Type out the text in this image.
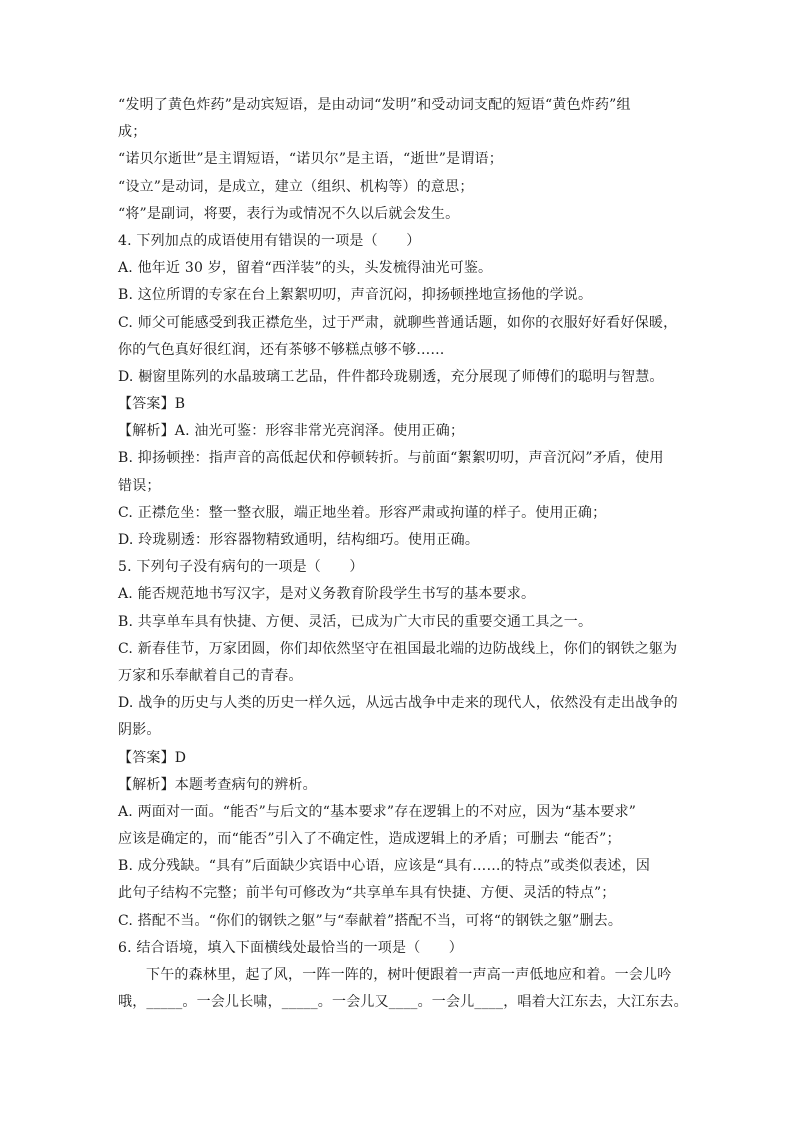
“发明了黄色炸药”是动宾短语，是由动词“发明”和受动词支配的短语“黄色炸药”组
成；
“诺贝尔逝世”是主谓短语，“诺贝尔”是主语，“逝世”是谓语；
“设立”是动词，是成立，建立（组织、机构等）的意思；
“将”是副词，将要，表行为或情况不久以后就会发生。
4. 下列加点的成语使用有错误的一项是（　　）
A. 他年近 30 岁，留着“西洋装”的头，头发梳得油光可鉴。
B. 这位所谓的专家在台上絮絮叨叨，声音沉闷，抑扬顿挫地宣扬他的学说。
C. 师父可能感受到我正襟危坐，过于严肃，就聊些普通话题，如你的衣服好好看好保暖，
你的气色真好很红润，还有茶够不够糕点够不够……
D. 橱窗里陈列的水晶玻璃工艺品，件件都玲珑剔透，充分展现了师傅们的聪明与智慧。
【答案】B
【解析】A. 油光可鉴：形容非常光亮润泽。使用正确；
B. 抑扬顿挫：指声音的高低起伏和停顿转折。与前面“絮絮叨叨，声音沉闷”矛盾，使用
错误；
C. 正襟危坐：整一整衣服，端正地坐着。形容严肃或拘谨的样子。使用正确；
D. 玲珑剔透：形容器物精致通明，结构细巧。使用正确。
5. 下列句子没有病句的一项是（　　）
A. 能否规范地书写汉字，是对义务教育阶段学生书写的基本要求。
B. 共享单车具有快捷、方便、灵活，已成为广大市民的重要交通工具之一。
C. 新春佳节，万家团圆，你们却依然坚守在祖国最北端的边防战线上，你们的钢铁之躯为
万家和乐奉献着自己的青春。
D. 战争的历史与人类的历史一样久远，从远古战争中走来的现代人，依然没有走出战争的
阴影。
【答案】D
【解析】本题考查病句的辨析。
A. 两面对一面。“能否”与后文的“基本要求”存在逻辑上的不对应，因为“基本要求”
应该是确定的，而“能否”引入了不确定性，造成逻辑上的矛盾；可删去 “能否”；
B. 成分残缺。“具有”后面缺少宾语中心语，应该是“具有……的特点”或类似表述，因
此句子结构不完整；前半句可修改为“共享单车具有快捷、方便、灵活的特点”；
C. 搭配不当。“你们的钢铁之躯”与“奉献着”搭配不当，可将“的钢铁之躯”删去。
6. 结合语境，填入下面横线处最恰当的一项是（　　）
下午的森林里，起了风，一阵一阵的，树叶便跟着一声高一声低地应和着。一会儿吟
哦，_____。一会儿长啸，_____。一会儿又____。一会儿____，唱着大江东去，大江东去。
